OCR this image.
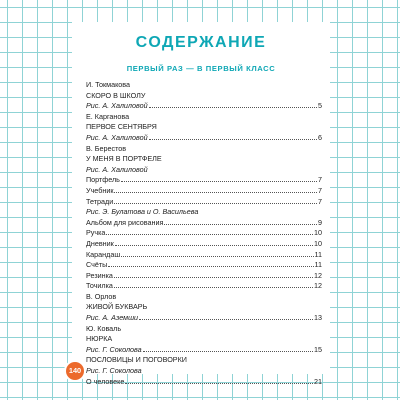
СОДЕРЖАНИЕ
ПЕРВЫЙ РАЗ — В ПЕРВЫЙ КЛАСС
И. Токмакова
СКОРО В ШКОЛУ
Рис. А. Халиловой	5
Е. Карганова
ПЕРВОЕ СЕНТЯБРЯ
Рис. А. Халиловой	6
В. Берестов
У МЕНЯ В ПОРТФЕЛЕ
Рис. А. Халиловой
Портфель	7
Учебник	7
Тетради	7
Рис. Э. Булатова и О. Васильева
Альбом для рисования	9
Ручка	10
Дневник	10
Карандаш	11
Счёты	11
Резинка	12
Точилка	12
В. Орлов
ЖИВОЙ БУКВАРЬ
Рис. А. Аземши	13
Ю. Коваль
НЮРКА
Рис. Г. Соколова	15
ПОСЛОВИЦЫ И ПОГОВОРКИ
Рис. Г. Соколова
О человеке	21
140
